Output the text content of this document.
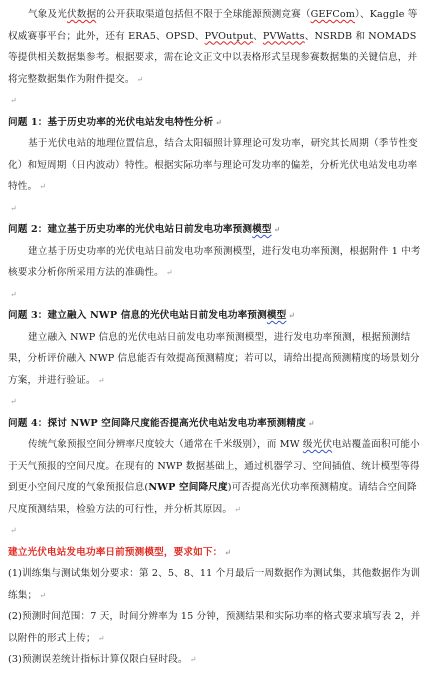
气象及光伏数据的公开获取渠道包括但不限于全球能源预测竞赛（GEFCom）、Kaggle 等权威赛事平台；此外，还有 ERA5、OPSD、PVOutput、PVWatts、NSRDB 和 NOMADS 等提供相关数据集参考。根据要求，需在论文正文中以表格形式呈现参赛数据集的关键信息，并将完整数据集作为附件提交。 ↵

↵

问题 1：基于历史功率的光伏电站发电特性分析 ↵

基于光伏电站的地理位置信息，结合太阳辐照计算理论可发功率，研究其长周期（季节性变化）和短周期（日内波动）特性。根据实际功率与理论可发功率的偏差，分析光伏电站发电功率特性。 ↵

↵

问题 2：建立基于历史功率的光伏电站日前发电功率预测模型 ↵

建立基于历史功率的光伏电站日前发电功率预测模型，进行发电功率预测，根据附件 1 中考核要求分析你所采用方法的准确性。 ↵

↵

问题 3：建立融入 NWP 信息的光伏电站日前发电功率预测模型 ↵

建立融入 NWP 信息的光伏电站日前发电功率预测模型，进行发电功率预测，根据预测结果，分析评价融入 NWP 信息能否有效提高预测精度；若可以，请给出提高预测精度的场景划分方案，并进行验证。 ↵

↵

问题 4：探讨 NWP 空间降尺度能否提高光伏电站发电功率预测精度 ↵

传统气象预报空间分辨率尺度较大（通常在千米级别），而 MW 级光伏电站覆盖面积可能小于天气预报的空间尺度。在现有的 NWP 数据基础上，通过机器学习、空间插值、统计模型等得到更小空间尺度的气象预报信息(NWP 空间降尺度)可否提高光伏功率预测精度。请结合空间降尺度预测结果，检验方法的可行性，并分析其原因。 ↵

↵

建立光伏电站发电功率日前预测模型，要求如下： ↵

(1)训练集与测试集划分要求：第 2、5、8、11 个月最后一周数据作为测试集，其他数据作为训练集； ↵

(2)预测时间范围：7 天，时间分辨率为 15 分钟，预测结果和实际功率的格式要求填写表 2，并以附件的形式上传； ↵

(3)预测误差统计指标计算仅限白昼时段。 ↵
